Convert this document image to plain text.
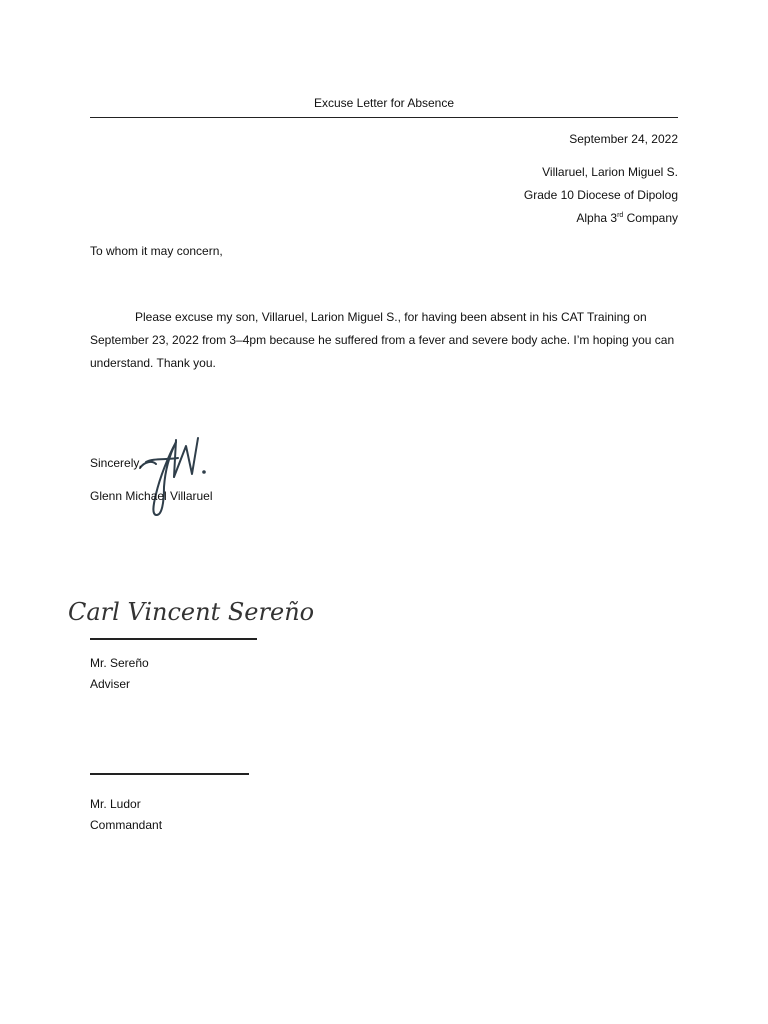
Excuse Letter for Absence
September 24, 2022
Villaruel, Larion Miguel S.
Grade 10 Diocese of Dipolog
Alpha 3rd Company
To whom it may concern,
Please excuse my son, Villaruel, Larion Miguel S., for having been absent in his CAT Training on
September 23, 2022 from 3–4pm because he suffered from a fever and severe body ache. I’m hoping you can
understand. Thank you.
Sincerely,
Glenn Michael Villaruel
Carl Vincent Sereño
Mr. Sereño
Adviser
Mr. Ludor
Commandant
